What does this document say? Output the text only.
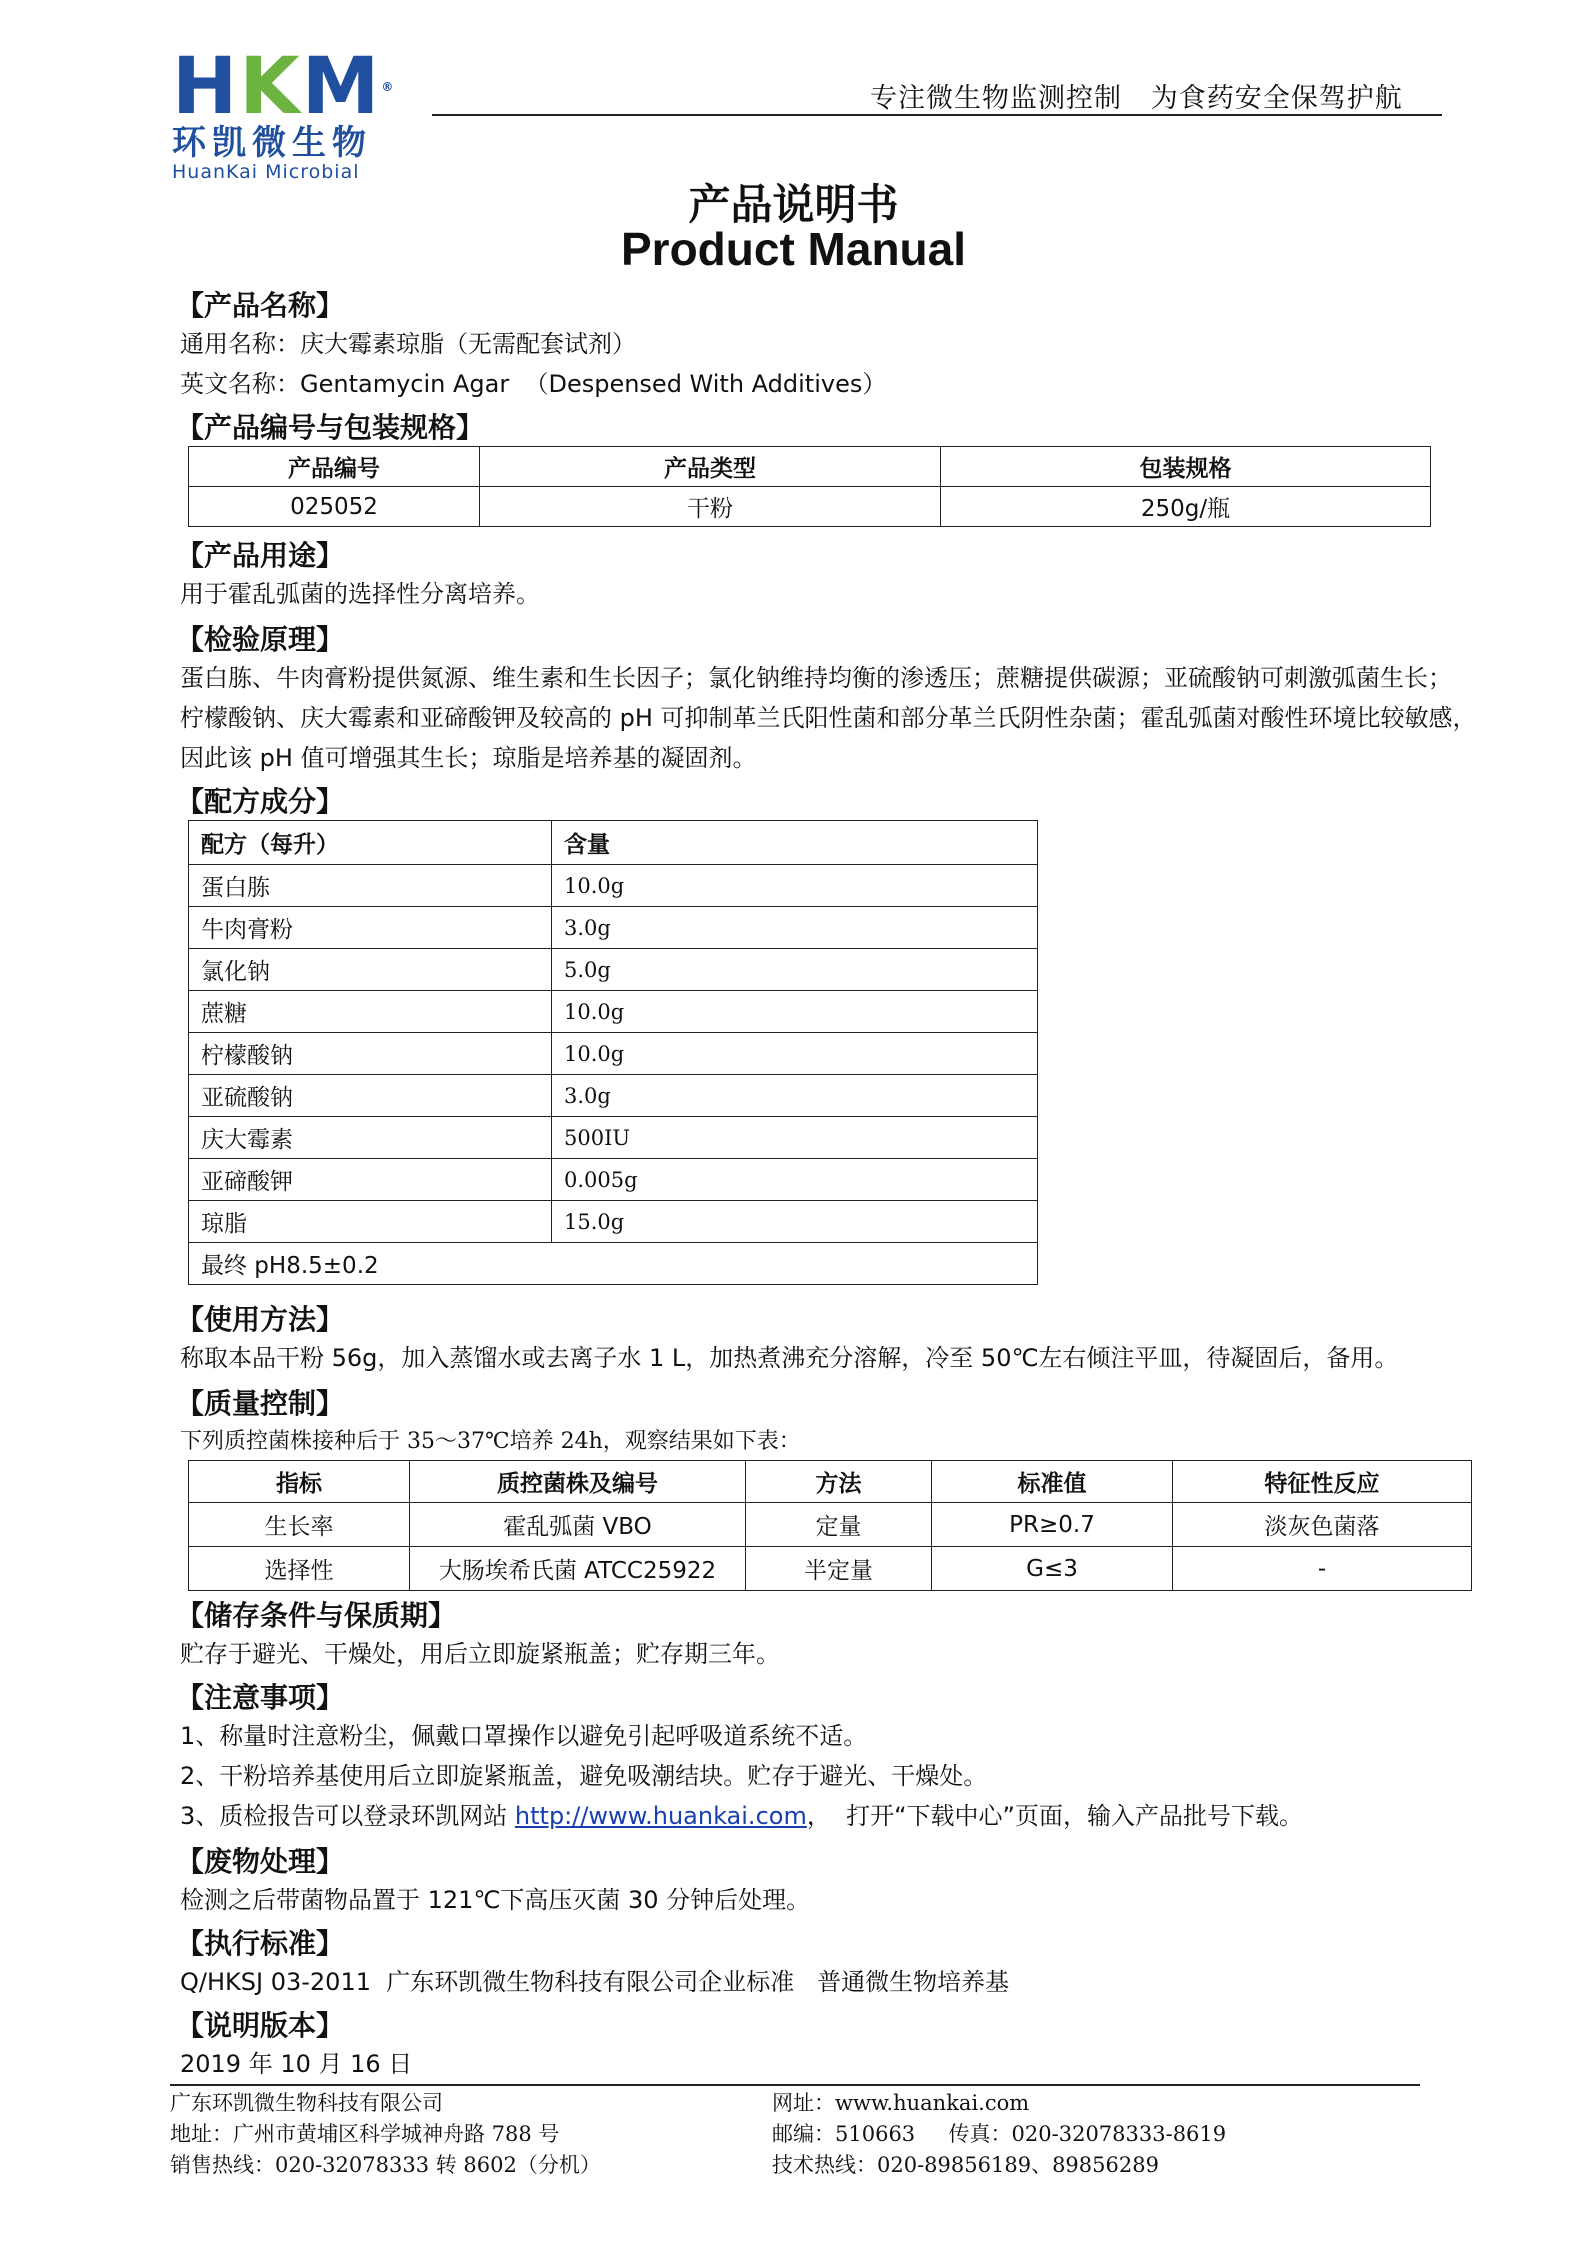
HKM®
环凯微生物
HuanKai Microbial
专注微生物监测控制   为食药安全保驾护航
产品说明书
Product Manual
【产品名称】
通用名称：庆大霉素琼脂（无需配套试剂）
英文名称：Gentamycin Agar  （Despensed With Additives）
【产品编号与包装规格】
产品编号	产品类型	包装规格
025052	干粉	250g/瓶
【产品用途】
用于霍乱弧菌的选择性分离培养。
【检验原理】
蛋白胨、牛肉膏粉提供氮源、维生素和生长因子；氯化钠维持均衡的渗透压；蔗糖提供碳源；亚硫酸钠可刺激弧菌生长；
柠檬酸钠、庆大霉素和亚碲酸钾及较高的 pH 可抑制革兰氏阳性菌和部分革兰氏阴性杂菌；霍乱弧菌对酸性环境比较敏感，
因此该 pH 值可增强其生长；琼脂是培养基的凝固剂。
【配方成分】
配方（每升）	含量
蛋白胨	10.0g
牛肉膏粉	3.0g
氯化钠	5.0g
蔗糖	10.0g
柠檬酸钠	10.0g
亚硫酸钠	3.0g
庆大霉素	500IU
亚碲酸钾	0.005g
琼脂	15.0g
最终 pH8.5±0.2	
【使用方法】
称取本品干粉 56g，加入蒸馏水或去离子水 1 L，加热煮沸充分溶解，冷至 50℃左右倾注平皿，待凝固后，备用。
【质量控制】
下列质控菌株接种后于 35～37℃培养 24h，观察结果如下表：
指标	质控菌株及编号	方法	标准值	特征性反应
生长率	霍乱弧菌 VBO	定量	PR≥0.7	淡灰色菌落
选择性	大肠埃希氏菌 ATCC25922	半定量	G≤3	-
【储存条件与保质期】
贮存于避光、干燥处，用后立即旋紧瓶盖；贮存期三年。
【注意事项】
1、称量时注意粉尘，佩戴口罩操作以避免引起呼吸道系统不适。
2、干粉培养基使用后立即旋紧瓶盖，避免吸潮结块。贮存于避光、干燥处。
3、质检报告可以登录环凯网站 http://www.huankai.com，  打开“下载中心”页面，输入产品批号下载。
【废物处理】
检测之后带菌物品置于 121℃下高压灭菌 30 分钟后处理。
【执行标准】
Q/HKSJ 03-2011  广东环凯微生物科技有限公司企业标准   普通微生物培养基
【说明版本】
2019 年 10 月 16 日
广东环凯微生物科技有限公司
地址：广州市黄埔区科学城神舟路 788 号
销售热线：020-32078333 转 8602（分机）
网址：www.huankai.com
邮编：510663     传真：020-32078333-8619
技术热线：020-89856189、89856289
